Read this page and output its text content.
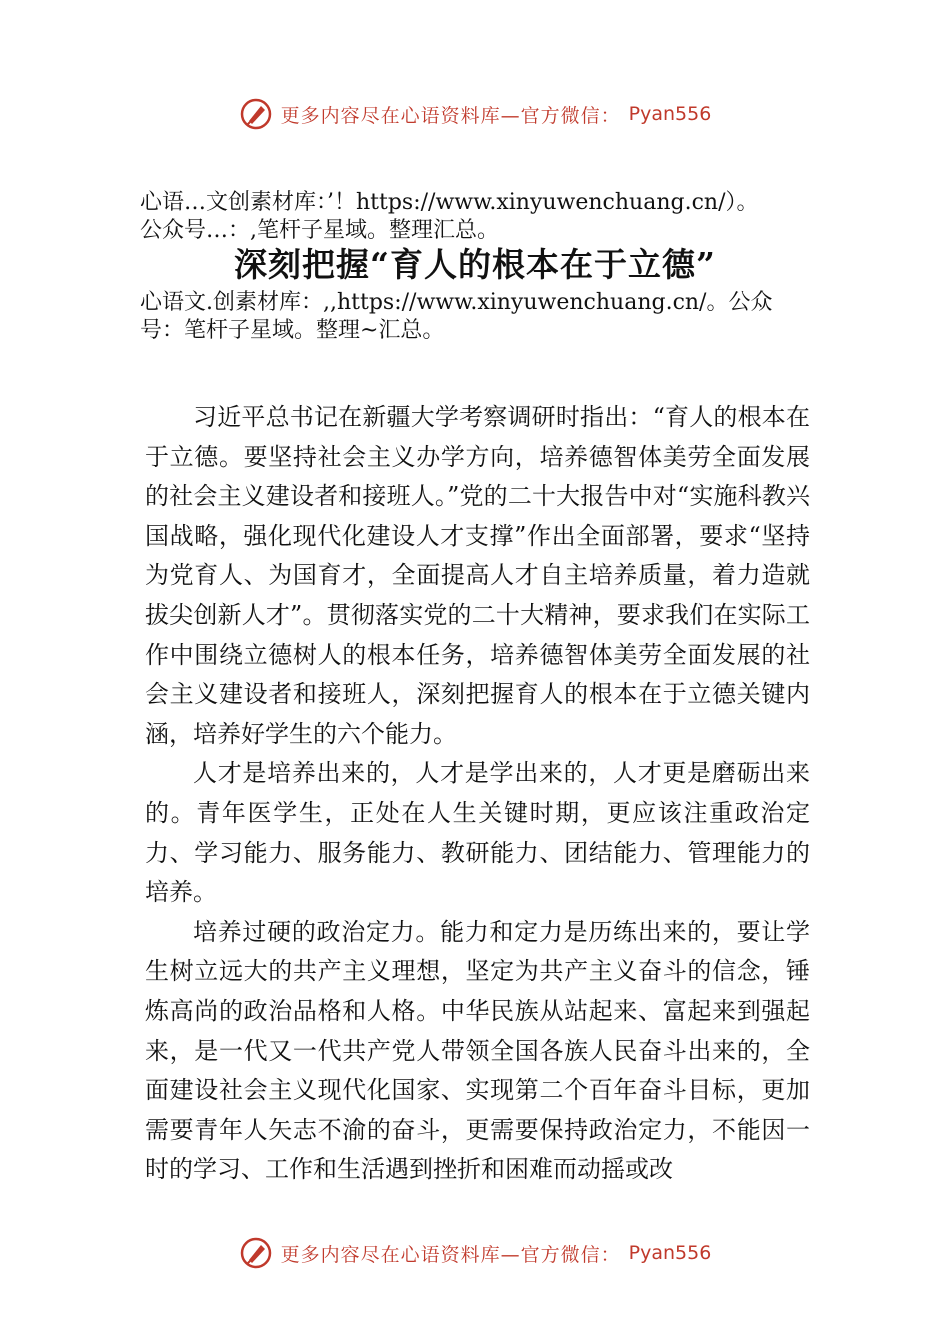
更多内容尽在心语资料库—官方微信： Pyan556
心语…文创素材库：’！https://www.xinyuwenchuang.cn/）。
公众号…：,笔杆子星域。整理汇总。
深刻把握“育人的根本在于立德”
心语文.创素材库：,,https://www.xinyuwenchuang.cn/。公众
号：笔杆子星域。整理~汇总。

习近平总书记在新疆大学考察调研时指出：“育人的根本在于立德。要坚持社会主义办学方向，培养德智体美劳全面发展的社会主义建设者和接班人。”党的二十大报告中对“实施科教兴国战略，强化现代化建设人才支撑”作出全面部署，要求“坚持为党育人、为国育才，全面提高人才自主培养质量，着力造就拔尖创新人才”。贯彻落实党的二十大精神，要求我们在实际工作中围绕立德树人的根本任务，培养德智体美劳全面发展的社会主义建设者和接班人，深刻把握育人的根本在于立德关键内涵，培养好学生的六个能力。

人才是培养出来的，人才是学出来的，人才更是磨砺出来的。青年医学生，正处在人生关键时期，更应该注重政治定力、学习能力、服务能力、教研能力、团结能力、管理能力的培养。

培养过硬的政治定力。能力和定力是历练出来的，要让学生树立远大的共产主义理想，坚定为共产主义奋斗的信念，锤炼高尚的政治品格和人格。中华民族从站起来、富起来到强起来，是一代又一代共产党人带领全国各族人民奋斗出来的，全面建设社会主义现代化国家、实现第二个百年奋斗目标，更加需要青年人矢志不渝的奋斗，更需要保持政治定力，不能因一时的学习、工作和生活遇到挫折和困难而动摇或改

更多内容尽在心语资料库—官方微信： Pyan556
